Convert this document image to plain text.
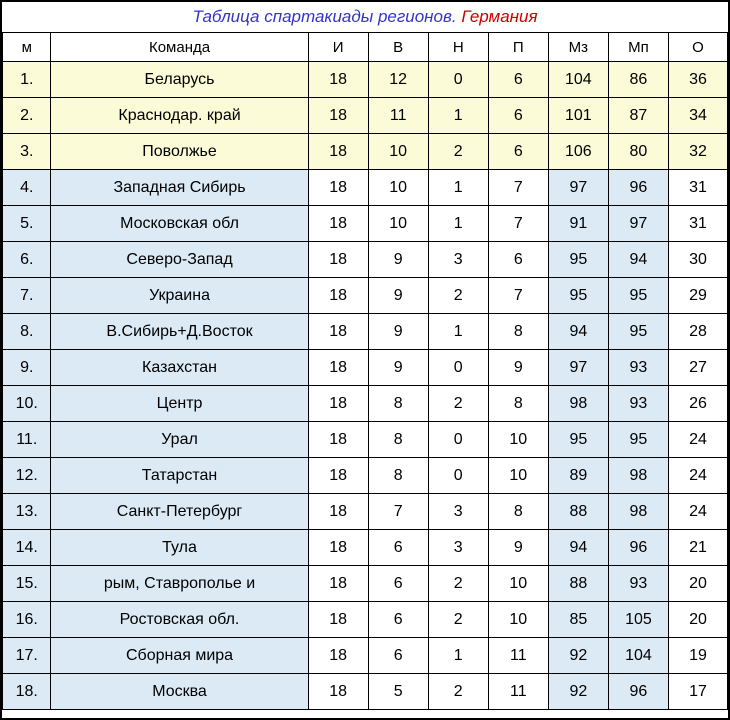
Таблица спартакиады регионов. Германия								
м	Команда	И	В	Н	П	Мз	Мп	О
1.	Беларусь	18	12	0	6	104	86	36
2.	Краснодар. край	18	11	1	6	101	87	34
3.	Поволжье	18	10	2	6	106	80	32
4.	Западная Сибирь	18	10	1	7	97	96	31
5.	Московская обл	18	10	1	7	91	97	31
6.	Северо-Запад	18	9	3	6	95	94	30
7.	Украина	18	9	2	7	95	95	29
8.	В.Сибирь+Д.Восток	18	9	1	8	94	95	28
9.	Казахстан	18	9	0	9	97	93	27
10.	Центр	18	8	2	8	98	93	26
11.	Урал	18	8	0	10	95	95	24
12.	Татарстан	18	8	0	10	89	98	24
13.	Санкт-Петербург	18	7	3	8	88	98	24
14.	Тула	18	6	3	9	94	96	21
15.	рым, Ставрополье и	18	6	2	10	88	93	20
16.	Ростовская обл.	18	6	2	10	85	105	20
17.	Сборная мира	18	6	1	11	92	104	19
18.	Москва	18	5	2	11	92	96	17
